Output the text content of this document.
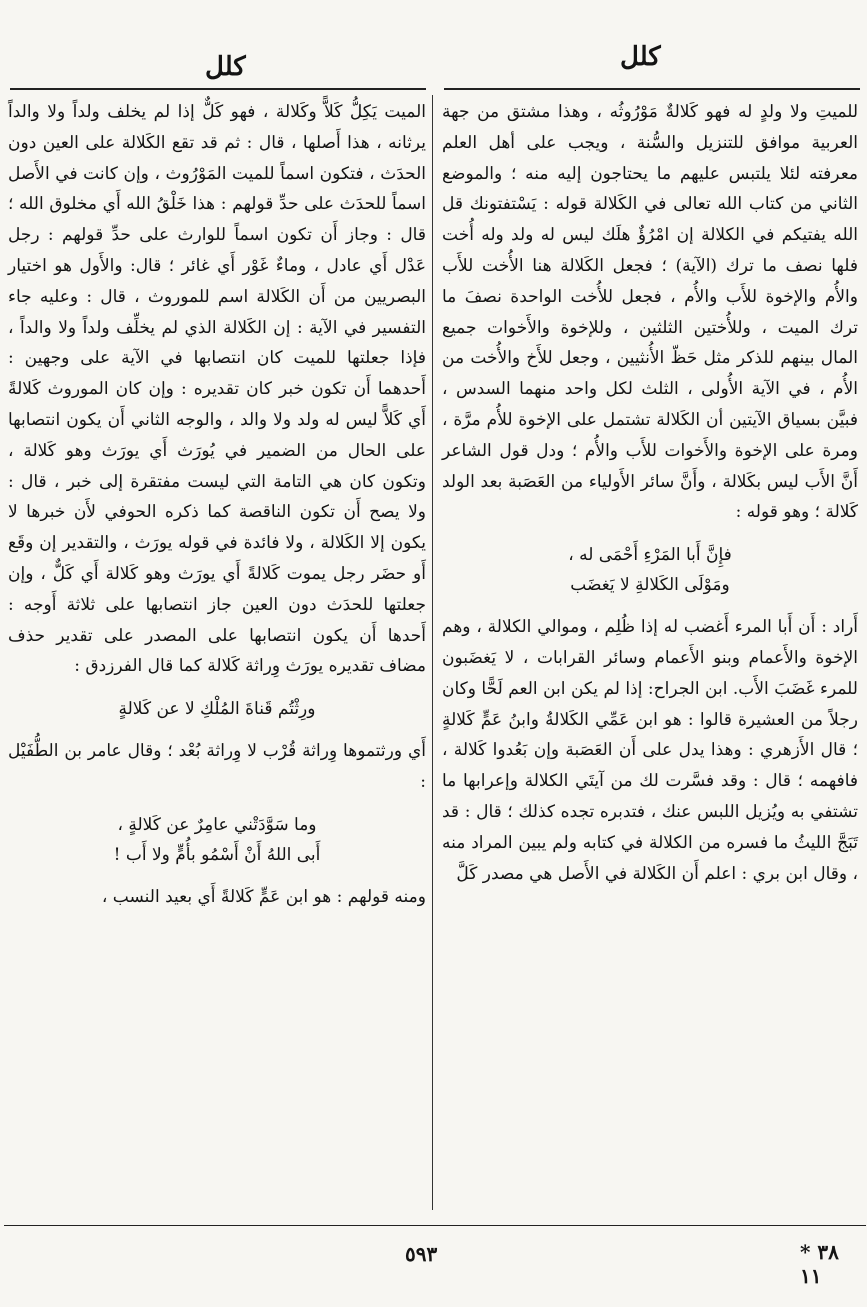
كلل
كلل

للميتِ ولا ولدٍ له فهو كَلالةٌ مَوْرُوثُه ، وهذا مشتق من جهة العربية موافق للتنزيل والسُّنة ، ويجب على أهل العلم معرفته لئلا يلتبس عليهم ما يحتاجون إليه منه ؛ والموضع الثاني من كتاب الله تعالى في الكَلالة قوله : يَسْتفتونك قل الله يفتيكم في الكلالة إن امْرُؤٌ هلَك ليس له ولد وله أُخت فلها نصف ما ترك (الآية) ؛ فجعل الكَلالة هنا الأُخت للأَب والأُم والإخوة للأَب والأُم ، فجعل للأُخت الواحدة نصفَ ما ترك الميت ، وللأُختين الثلثين ، وللإخوة والأَخوات جميع المال بينهم للذكر مثل حَظّ الأُنثيين ، وجعل للأَخ والأُخت من الأُم ، في الآية الأُولى ، الثلث لكل واحد منهما السدس ، فبيَّن بسياق الآيتين أن الكَلالة تشتمل على الإخوة للأُم مرَّة ، ومرة على الإخوة والأَخوات للأَب والأُم ؛ ودل قول الشاعر أَنَّ الأَب ليس بكَلالة ، وأَنَّ سائر الأَولياء من العَصَبة بعد الولد كَلالة ؛ وهو قوله :

فإِنَّ أَبا المَرْءِ أَحْمَى له ،
ومَوْلَى الكَلالةِ لا يَغضَب

أَراد : أَن أَبا المرء أَغضب له إذا ظُلِم ، وموالي الكلالة ، وهم الإخوة والأَعمام وبنو الأَعمام وسائر القرابات ، لا يَغضَبون للمرء غَضَبَ الأَب. ابن الجراح: إذا لم يكن ابن العم لَحًّا وكان رجلاً من العشيرة قالوا : هو ابن عَمِّي الكَلالةُ وابنُ عَمٍّ كَلالةٍ ؛ قال الأَزهري : وهذا يدل على أَن العَصَبة وإن بَعُدوا كَلالة ، فافهمه ؛ قال : وقد فسَّرت لك من آيتَي الكلالة وإعرابها ما تشتفي به ويُزيل اللبس عنك ، فتدبره تجده كذلك ؛ قال : قد تَبَجَّ الليثُ ما فسره من الكلالة في كتابه ولم يبين المراد منه ، وقال ابن بري : اعلم أَن الكَلالة في الأَصل هي مصدر كَلَّ

الميت يَكِلُّ كَلاًّ وكَلالة ، فهو كَلٌّ إذا لم يخلف ولداً ولا والداً يرثانه ، هذا أَصلها ، قال : ثم قد تقع الكَلالة على العين دون الحدَث ، فتكون اسماً للميت المَوْرُوث ، وإن كانت في الأَصل اسماً للحدَث على حدِّ قولهم : هذا خَلْقُ الله أَي مخلوق الله ؛ قال : وجاز أَن تكون اسماً للوارث على حدِّ قولهم : رجل عَدْل أَي عادل ، وماءٌ غَوْر أَي غائر ؛ قال: والأَول هو اختيار البصريين من أَن الكَلالة اسم للموروث ، قال : وعليه جاء التفسير في الآية : إن الكَلالة الذي لم يخلِّف ولداً ولا والداً ، فإذا جعلتها للميت كان انتصابها في الآية على وجهين : أَحدهما أَن تكون خبر كان تقديره : وإن كان الموروث كَلالةً أَي كَلاًّ ليس له ولد ولا والد ، والوجه الثاني أَن يكون انتصابها على الحال من الضمير في يُورَث أَي يورَث وهو كَلالة ، وتكون كان هي التامة التي ليست مفتقرة إلى خبر ، قال : ولا يصح أَن تكون الناقصة كما ذكره الحوفي لأَن خبرها لا يكون إلا الكَلالة ، ولا فائدة في قوله يورَث ، والتقدير إن وقَع أَو حضَر رجل يموت كَلالةً أَي يورَث وهو كَلالة أَي كَلٌّ ، وإن جعلتها للحدَث دون العين جاز انتصابها على ثلاثة أَوجه : أَحدها أَن يكون انتصابها على المصدر على تقدير حذف مضاف تقديره يورَث وِراثة كَلالة كما قال الفرزدق :

ورِثْتُم قَناةَ المُلْكِ لا عن كَلالةٍ

أَي ورثتموها وِراثة قُرْب لا وِراثة بُعْد ؛ وقال عامر بن الطُّفَيْل :

وما سَوَّدَتْني عامِرٌ عن كَلالةٍ ،
أَبى اللهُ أَنْ أَسْمُو بأُمٍّ ولا أَب !

ومنه قولهم : هو ابن عَمٍّ كَلالةً أَي بعيد النسب ،

٥٩٣	٣٨ * ١١
